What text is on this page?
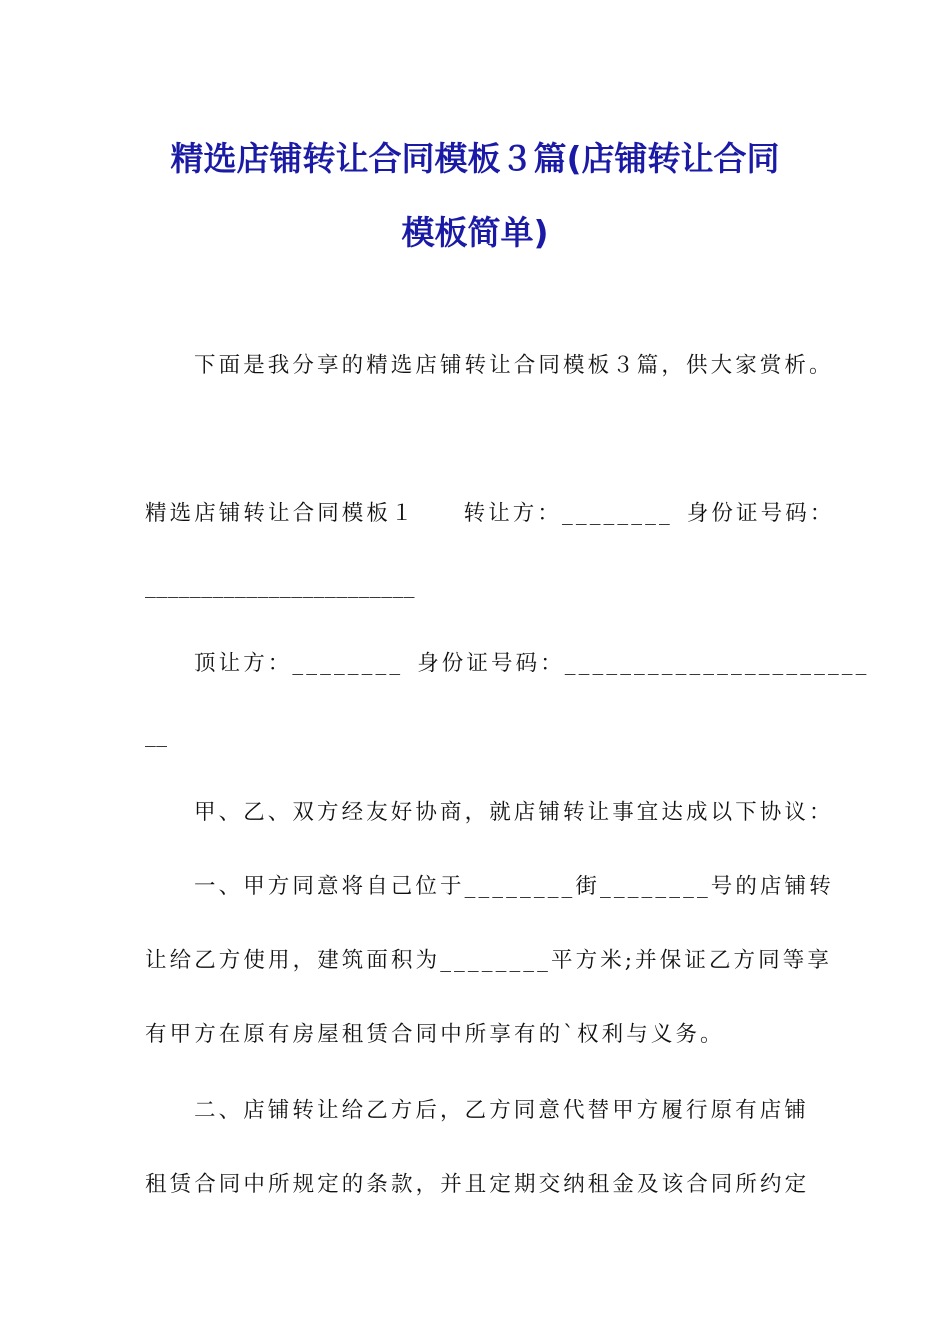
精选店铺转让合同模板３篇(店铺转让合同
模板简单)

下面是我分享的精选店铺转让合同模板３篇，供大家赏析。

精选店铺转让合同模板１ 转让方：________ 身份证号码：

________________________

顶让方：________ 身份证号码：______________________

__

甲、乙、双方经友好协商，就店铺转让事宜达成以下协议：

一、甲方同意将自己位于________街________号的店铺转

让给乙方使用，建筑面积为________平方米;并保证乙方同等享

有甲方在原有房屋租赁合同中所享有的`权利与义务。

二、店铺转让给乙方后，乙方同意代替甲方履行原有店铺

租赁合同中所规定的条款，并且定期交纳租金及该合同所约定
